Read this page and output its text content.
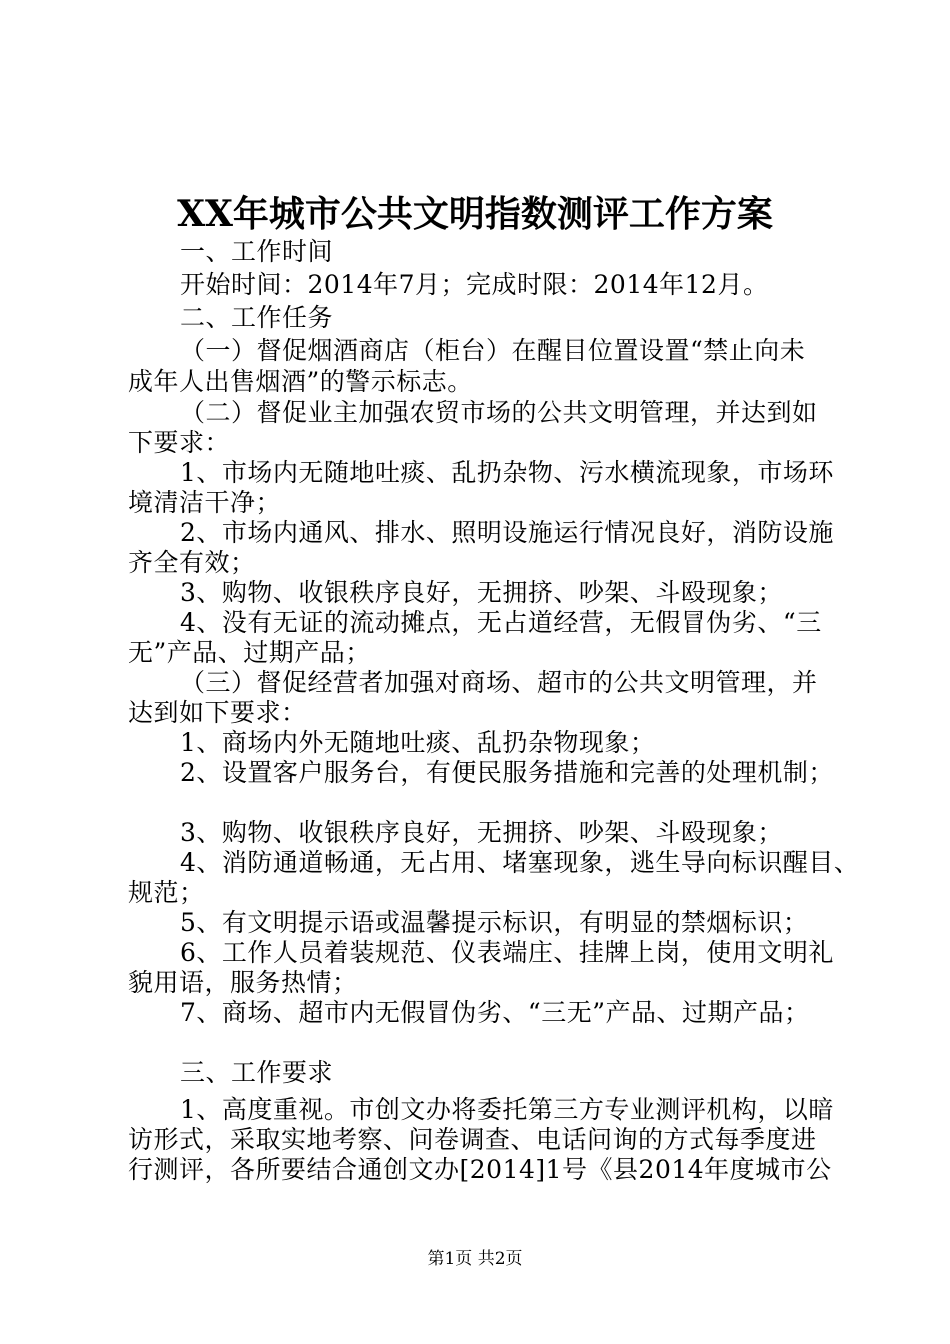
XX年城市公共文明指数测评工作方案
一、工作时间
开始时间：2014年7月；完成时限：2014年12月。
二、工作任务
（一）督促烟酒商店（柜台）在醒目位置设置“禁止向未
成年人出售烟酒”的警示标志。
（二）督促业主加强农贸市场的公共文明管理，并达到如
下要求：
1、市场内无随地吐痰、乱扔杂物、污水横流现象，市场环
境清洁干净；
2、市场内通风、排水、照明设施运行情况良好，消防设施
齐全有效；
3、购物、收银秩序良好，无拥挤、吵架、斗殴现象；
4、没有无证的流动摊点，无占道经营，无假冒伪劣、“三
无”产品、过期产品；
（三）督促经营者加强对商场、超市的公共文明管理，并
达到如下要求：
1、商场内外无随地吐痰、乱扔杂物现象；
2、设置客户服务台，有便民服务措施和完善的处理机制；
3、购物、收银秩序良好，无拥挤、吵架、斗殴现象；
4、消防通道畅通，无占用、堵塞现象，逃生导向标识醒目、
规范；
5、有文明提示语或温馨提示标识，有明显的禁烟标识；
6、工作人员着装规范、仪表端庄、挂牌上岗，使用文明礼
貌用语，服务热情；
7、商场、超市内无假冒伪劣、“三无”产品、过期产品；
三、工作要求
1、高度重视。市创文办将委托第三方专业测评机构，以暗
访形式，采取实地考察、问卷调查、电话问询的方式每季度进
行测评，各所要结合通创文办[2014]1号《县2014年度城市公
第1页 共2页
